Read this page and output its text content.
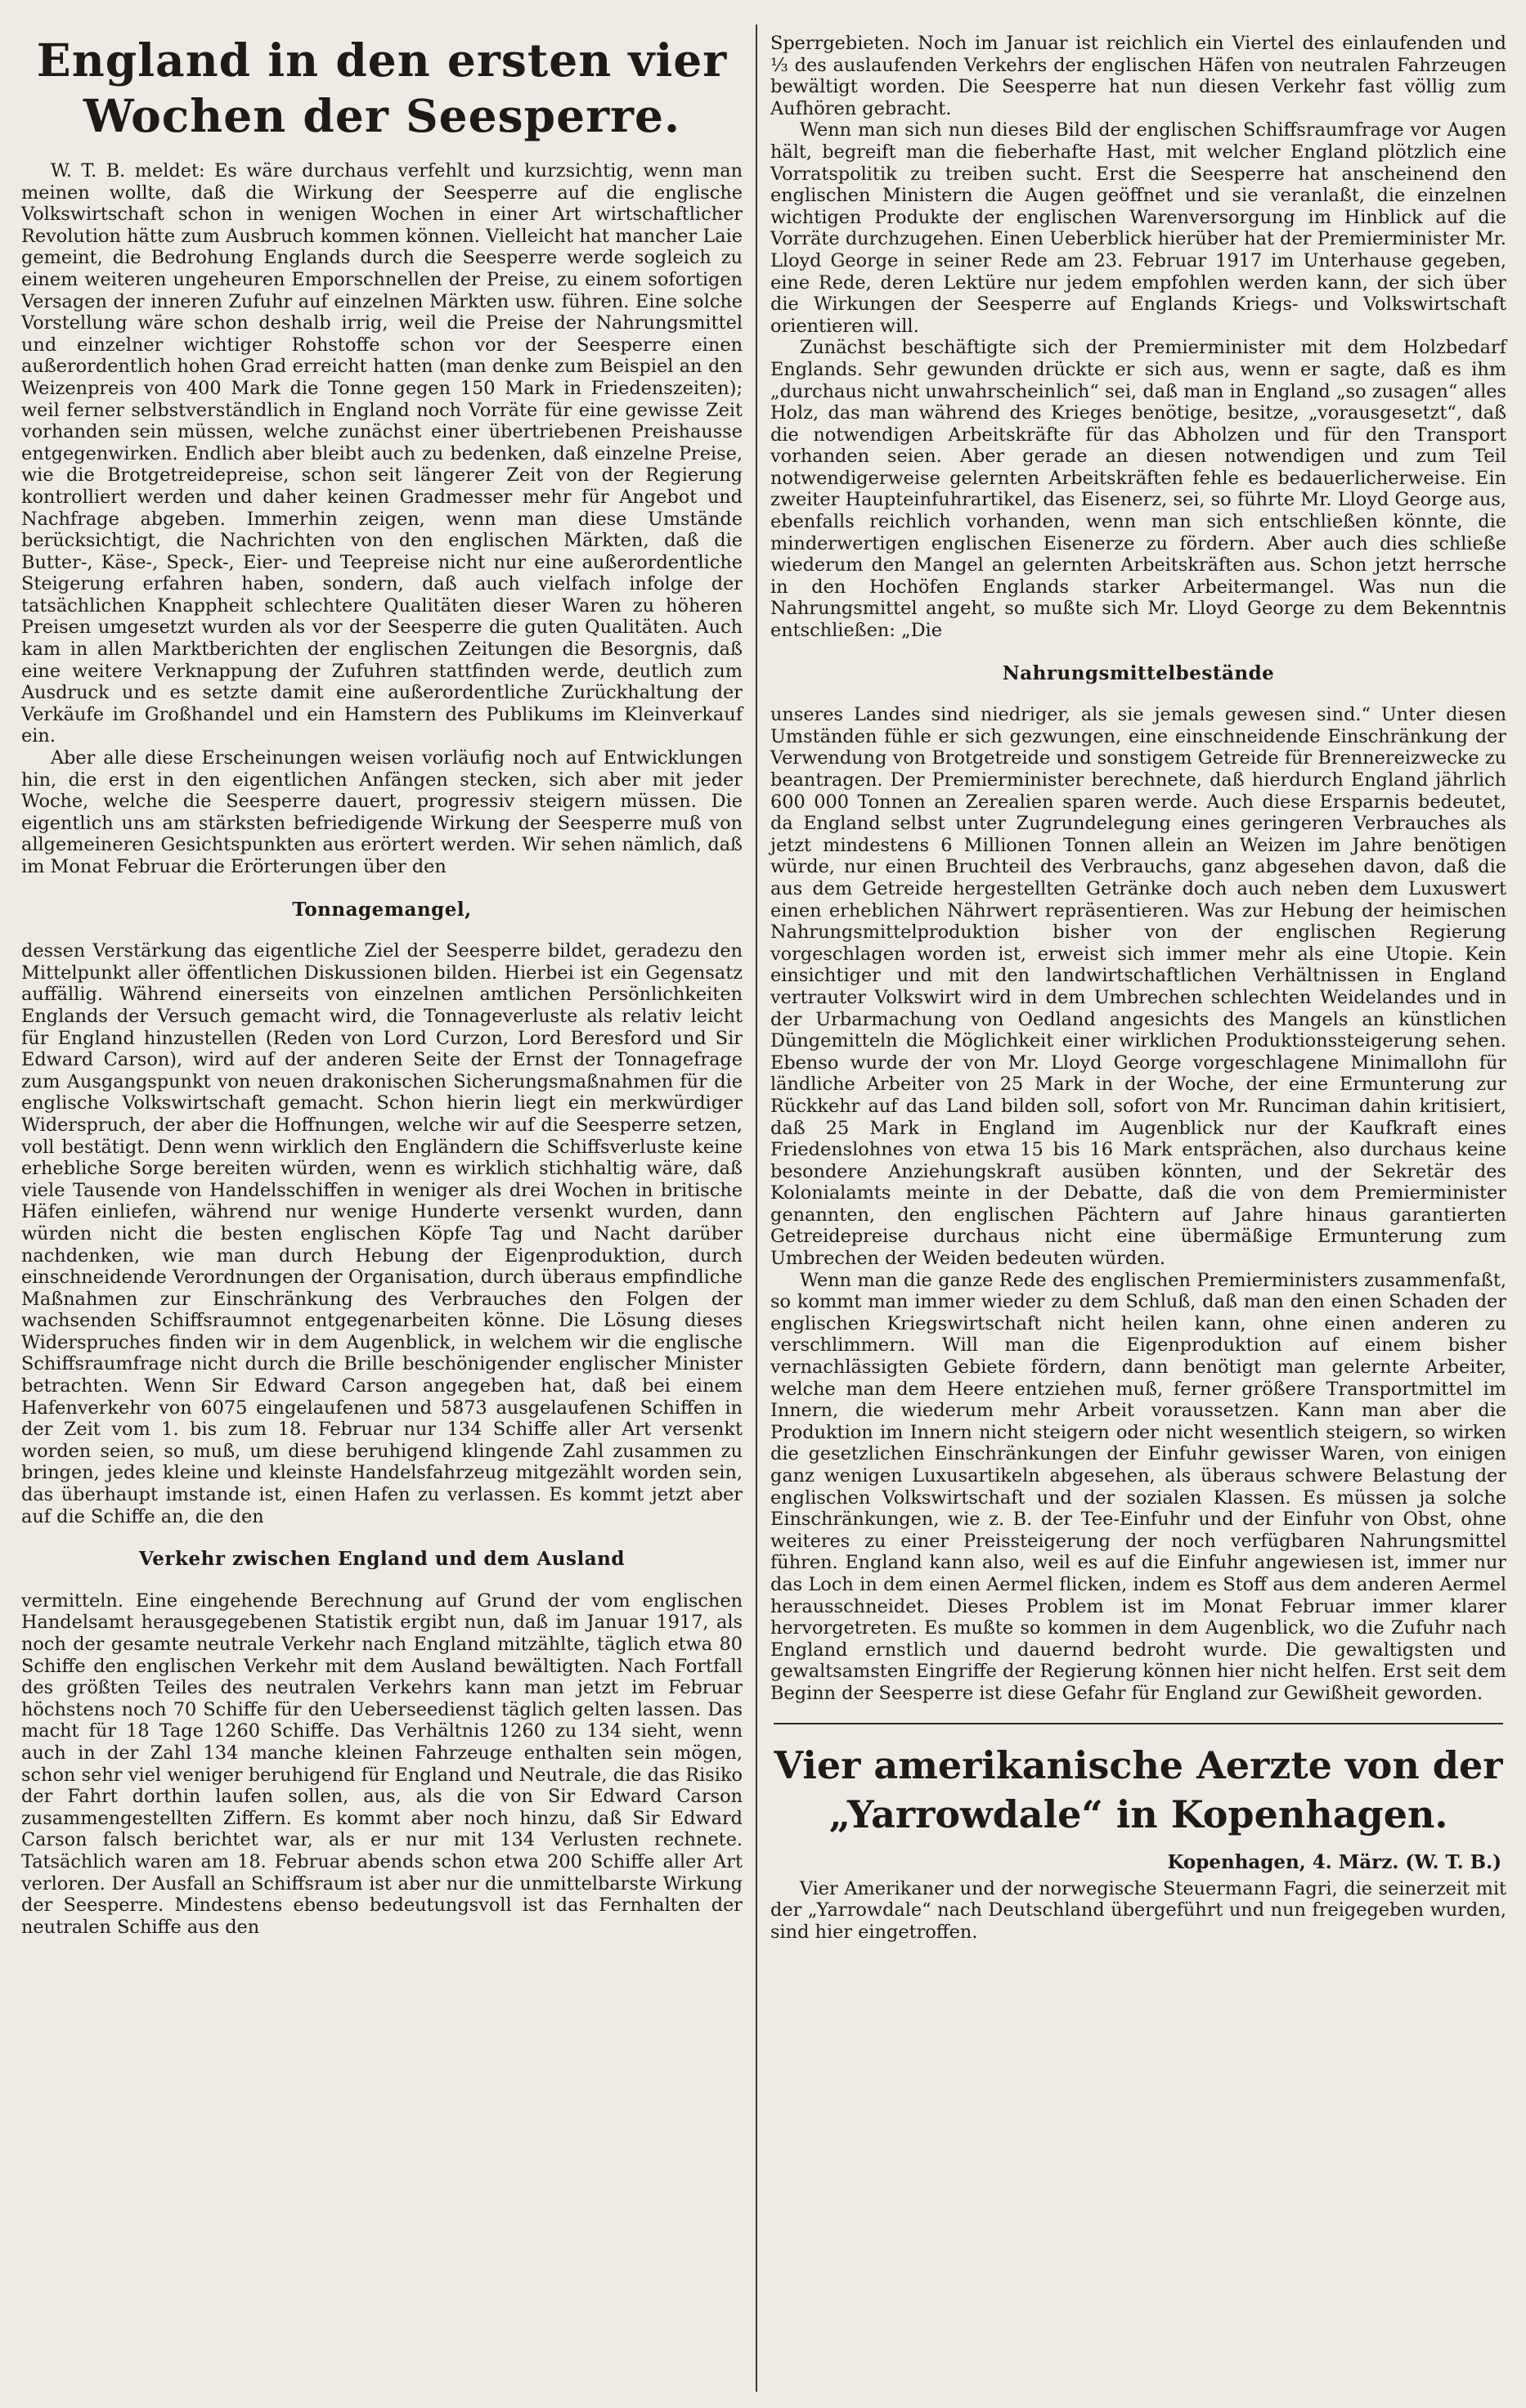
England in den ersten vier Wochen der Seesperre.

W. T. B. meldet: Es wäre durchaus verfehlt und kurzsichtig, wenn man meinen wollte, daß die Wirkung der Seesperre auf die englische Volkswirtschaft schon in wenigen Wochen in einer Art wirtschaftlicher Revolution hätte zum Ausbruch kommen können. Vielleicht hat mancher Laie gemeint, die Bedrohung Englands durch die Seesperre werde sogleich zu einem weiteren ungeheuren Emporschnellen der Preise, zu einem sofortigen Versagen der inneren Zufuhr auf einzelnen Märkten usw. führen. Eine solche Vorstellung wäre schon deshalb irrig, weil die Preise der Nahrungsmittel und einzelner wichtiger Rohstoffe schon vor der Seesperre einen außerordentlich hohen Grad erreicht hatten (man denke zum Beispiel an den Weizenpreis von 400 Mark die Tonne gegen 150 Mark in Friedenszeiten); weil ferner selbstverständlich in England noch Vorräte für eine gewisse Zeit vorhanden sein müssen, welche zunächst einer übertriebenen Preishausse entgegenwirken. Endlich aber bleibt auch zu bedenken, daß einzelne Preise, wie die Brotgetreidepreise, schon seit längerer Zeit von der Regierung kontrolliert werden und daher keinen Gradmesser mehr für Angebot und Nachfrage abgeben. Immerhin zeigen, wenn man diese Umstände berücksichtigt, die Nachrichten von den englischen Märkten, daß die Butter-, Käse-, Speck-, Eier- und Teepreise nicht nur eine außerordentliche Steigerung erfahren haben, sondern, daß auch vielfach infolge der tatsächlichen Knappheit schlechtere Qualitäten dieser Waren zu höheren Preisen umgesetzt wurden als vor der Seesperre die guten Qualitäten. Auch kam in allen Marktberichten der englischen Zeitungen die Besorgnis, daß eine weitere Verknappung der Zufuhren stattfinden werde, deutlich zum Ausdruck und es setzte damit eine außerordentliche Zurückhaltung der Verkäufe im Großhandel und ein Hamstern des Publikums im Kleinverkauf ein.

Aber alle diese Erscheinungen weisen vorläufig noch auf Entwicklungen hin, die erst in den eigentlichen Anfängen stecken, sich aber mit jeder Woche, welche die Seesperre dauert, progressiv steigern müssen. Die eigentlich uns am stärksten befriedigende Wirkung der Seesperre muß von allgemeineren Gesichtspunkten aus erörtert werden. Wir sehen nämlich, daß im Monat Februar die Erörterungen über den

Tonnagemangel,

dessen Verstärkung das eigentliche Ziel der Seesperre bildet, geradezu den Mittelpunkt aller öffentlichen Diskussionen bilden. Hierbei ist ein Gegensatz auffällig. Während einerseits von einzelnen amtlichen Persönlichkeiten Englands der Versuch gemacht wird, die Tonnageverluste als relativ leicht für England hinzustellen (Reden von Lord Curzon, Lord Beresford und Sir Edward Carson), wird auf der anderen Seite der Ernst der Tonnagefrage zum Ausgangspunkt von neuen drakonischen Sicherungsmaßnahmen für die englische Volkswirtschaft gemacht. Schon hierin liegt ein merkwürdiger Widerspruch, der aber die Hoffnungen, welche wir auf die Seesperre setzen, voll bestätigt. Denn wenn wirklich den Engländern die Schiffsverluste keine erhebliche Sorge bereiten würden, wenn es wirklich stichhaltig wäre, daß viele Tausende von Handelsschiffen in weniger als drei Wochen in britische Häfen einliefen, während nur wenige Hunderte versenkt wurden, dann würden nicht die besten englischen Köpfe Tag und Nacht darüber nachdenken, wie man durch Hebung der Eigenproduktion, durch einschneidende Verordnungen der Organisation, durch überaus empfindliche Maßnahmen zur Einschränkung des Verbrauches den Folgen der wachsenden Schiffsraumnot entgegenarbeiten könne. Die Lösung dieses Widerspruches finden wir in dem Augenblick, in welchem wir die englische Schiffsraumfrage nicht durch die Brille beschönigender englischer Minister betrachten. Wenn Sir Edward Carson angegeben hat, daß bei einem Hafenverkehr von 6075 eingelaufenen und 5873 ausgelaufenen Schiffen in der Zeit vom 1. bis zum 18. Februar nur 134 Schiffe aller Art versenkt worden seien, so muß, um diese beruhigend klingende Zahl zusammen zu bringen, jedes kleine und kleinste Handelsfahrzeug mitgezählt worden sein, das überhaupt imstande ist, einen Hafen zu verlassen. Es kommt jetzt aber auf die Schiffe an, die den

Verkehr zwischen England und dem Ausland

vermitteln. Eine eingehende Berechnung auf Grund der vom englischen Handelsamt herausgegebenen Statistik ergibt nun, daß im Januar 1917, als noch der gesamte neutrale Verkehr nach England mitzählte, täglich etwa 80 Schiffe den englischen Verkehr mit dem Ausland bewältigten. Nach Fortfall des größten Teiles des neutralen Verkehrs kann man jetzt im Februar höchstens noch 70 Schiffe für den Ueberseedienst täglich gelten lassen. Das macht für 18 Tage 1260 Schiffe. Das Verhältnis 1260 zu 134 sieht, wenn auch in der Zahl 134 manche kleinen Fahrzeuge enthalten sein mögen, schon sehr viel weniger beruhigend für England und Neutrale, die das Risiko der Fahrt dorthin laufen sollen, aus, als die von Sir Edward Carson zusammengestellten Ziffern. Es kommt aber noch hinzu, daß Sir Edward Carson falsch berichtet war, als er nur mit 134 Verlusten rechnete. Tatsächlich waren am 18. Februar abends schon etwa 200 Schiffe aller Art verloren. Der Ausfall an Schiffsraum ist aber nur die unmittelbarste Wirkung der Seesperre. Mindestens ebenso bedeutungsvoll ist das Fernhalten der neutralen Schiffe aus den

Sperrgebieten. Noch im Januar ist reichlich ein Viertel des einlaufenden und ⅓ des auslaufenden Verkehrs der englischen Häfen von neutralen Fahrzeugen bewältigt worden. Die Seesperre hat nun diesen Verkehr fast völlig zum Aufhören gebracht.

Wenn man sich nun dieses Bild der englischen Schiffsraumfrage vor Augen hält, begreift man die fieberhafte Hast, mit welcher England plötzlich eine Vorratspolitik zu treiben sucht. Erst die Seesperre hat anscheinend den englischen Ministern die Augen geöffnet und sie veranlaßt, die einzelnen wichtigen Produkte der englischen Warenversorgung im Hinblick auf die Vorräte durchzugehen. Einen Ueberblick hierüber hat der Premierminister Mr. Lloyd George in seiner Rede am 23. Februar 1917 im Unterhause gegeben, eine Rede, deren Lektüre nur jedem empfohlen werden kann, der sich über die Wirkungen der Seesperre auf Englands Kriegs- und Volkswirtschaft orientieren will.

Zunächst beschäftigte sich der Premierminister mit dem Holzbedarf Englands. Sehr gewunden drückte er sich aus, wenn er sagte, daß es ihm „durchaus nicht unwahrscheinlich“ sei, daß man in England „so zusagen“ alles Holz, das man während des Krieges benötige, besitze, „vorausgesetzt“, daß die notwendigen Arbeitskräfte für das Abholzen und für den Transport vorhanden seien. Aber gerade an diesen notwendigen und zum Teil notwendigerweise gelernten Arbeitskräften fehle es bedauerlicherweise. Ein zweiter Haupteinfuhrartikel, das Eisenerz, sei, so führte Mr. Lloyd George aus, ebenfalls reichlich vorhanden, wenn man sich entschließen könnte, die minderwertigen englischen Eisenerze zu fördern. Aber auch dies schließe wiederum den Mangel an gelernten Arbeitskräften aus. Schon jetzt herrsche in den Hochöfen Englands starker Arbeitermangel. Was nun die Nahrungsmittel angeht, so mußte sich Mr. Lloyd George zu dem Bekenntnis entschließen: „Die

Nahrungsmittelbestände

unseres Landes sind niedriger, als sie jemals gewesen sind.“ Unter diesen Umständen fühle er sich gezwungen, eine einschneidende Einschränkung der Verwendung von Brotgetreide und sonstigem Getreide für Brennereizwecke zu beantragen. Der Premierminister berechnete, daß hierdurch England jährlich 600 000 Tonnen an Zerealien sparen werde. Auch diese Ersparnis bedeutet, da England selbst unter Zugrundelegung eines geringeren Verbrauches als jetzt mindestens 6 Millionen Tonnen allein an Weizen im Jahre benötigen würde, nur einen Bruchteil des Verbrauchs, ganz abgesehen davon, daß die aus dem Getreide hergestellten Getränke doch auch neben dem Luxuswert einen erheblichen Nährwert repräsentieren. Was zur Hebung der heimischen Nahrungsmittelproduktion bisher von der englischen Regierung vorgeschlagen worden ist, erweist sich immer mehr als eine Utopie. Kein einsichtiger und mit den landwirtschaftlichen Verhältnissen in England vertrauter Volkswirt wird in dem Umbrechen schlechten Weidelandes und in der Urbarmachung von Oedland angesichts des Mangels an künstlichen Düngemitteln die Möglichkeit einer wirklichen Produktionssteigerung sehen. Ebenso wurde der von Mr. Lloyd George vorgeschlagene Minimallohn für ländliche Arbeiter von 25 Mark in der Woche, der eine Ermunterung zur Rückkehr auf das Land bilden soll, sofort von Mr. Runciman dahin kritisiert, daß 25 Mark in England im Augenblick nur der Kaufkraft eines Friedenslohnes von etwa 15 bis 16 Mark entsprächen, also durchaus keine besondere Anziehungskraft ausüben könnten, und der Sekretär des Kolonialamts meinte in der Debatte, daß die von dem Premierminister genannten, den englischen Pächtern auf Jahre hinaus garantierten Getreidepreise durchaus nicht eine übermäßige Ermunterung zum Umbrechen der Weiden bedeuten würden.

Wenn man die ganze Rede des englischen Premierministers zusammenfaßt, so kommt man immer wieder zu dem Schluß, daß man den einen Schaden der englischen Kriegswirtschaft nicht heilen kann, ohne einen anderen zu verschlimmern. Will man die Eigenproduktion auf einem bisher vernachlässigten Gebiete fördern, dann benötigt man gelernte Arbeiter, welche man dem Heere entziehen muß, ferner größere Transportmittel im Innern, die wiederum mehr Arbeit voraussetzen. Kann man aber die Produktion im Innern nicht steigern oder nicht wesentlich steigern, so wirken die gesetzlichen Einschränkungen der Einfuhr gewisser Waren, von einigen ganz wenigen Luxusartikeln abgesehen, als überaus schwere Belastung der englischen Volkswirtschaft und der sozialen Klassen. Es müssen ja solche Einschränkungen, wie z. B. der Tee-Einfuhr und der Einfuhr von Obst, ohne weiteres zu einer Preissteigerung der noch verfügbaren Nahrungsmittel führen. England kann also, weil es auf die Einfuhr angewiesen ist, immer nur das Loch in dem einen Aermel flicken, indem es Stoff aus dem anderen Aermel herausschneidet. Dieses Problem ist im Monat Februar immer klarer hervorgetreten. Es mußte so kommen in dem Augenblick, wo die Zufuhr nach England ernstlich und dauernd bedroht wurde. Die gewaltigsten und gewaltsamsten Eingriffe der Regierung können hier nicht helfen. Erst seit dem Beginn der Seesperre ist diese Gefahr für England zur Gewißheit geworden.

Vier amerikanische Aerzte von der „Yarrowdale“ in Kopenhagen.
Kopenhagen, 4. März. (W. T. B.)

Vier Amerikaner und der norwegische Steuermann Fagri, die seinerzeit mit der „Yarrowdale“ nach Deutschland übergeführt und nun freigegeben wurden, sind hier eingetroffen.
